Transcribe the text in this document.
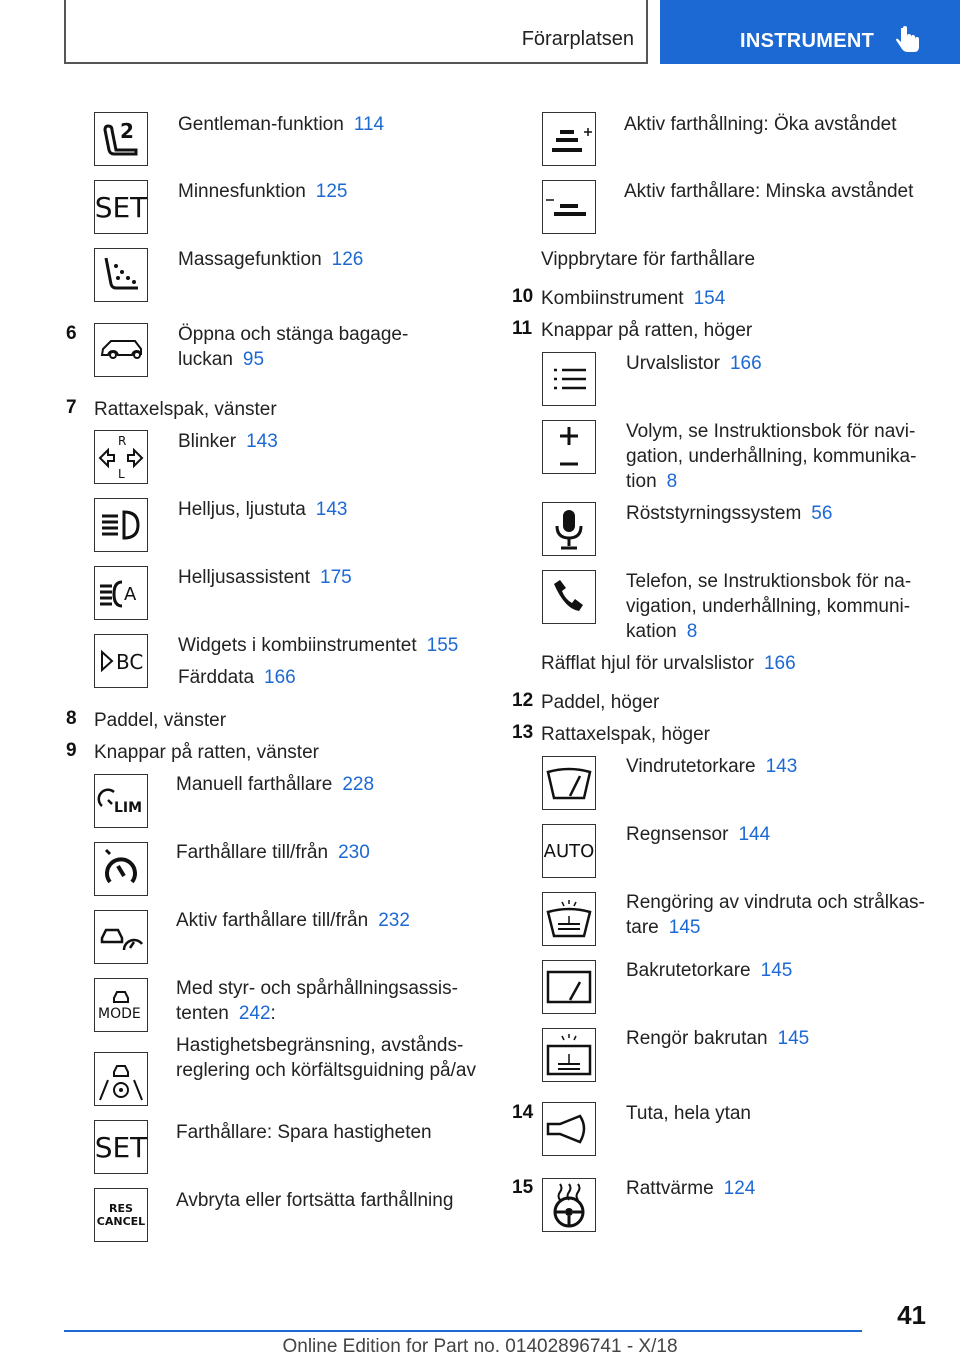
Förarplatsen	INSTRUMENT
2 Gentleman-funktion 114
SET Minnesfunktion 125
Massagefunktion 126
6	Öppna och stänga bagage-
luckan 95
7 Rattaxelspak, vänster
R
L
Blinker 143
Helljus, ljustuta 143
A
Helljusassistent 175
BC
Widgets i kombiinstrumentet 155
Färddata 166
8 Paddel, vänster
9 Knappar på ratten, vänster
LIM
Manuell farthållare 228
Farthållare till/från 230
Aktiv farthållare till/från 232
MODE
Med styr- och spårhållningsassis-
tenten 242:
Hastighetsbegränsning, avstånds-
reglering och körfältsguidning på/av
SET Farthållare: Spara hastigheten
RES
CANCEL
Avbryta eller fortsätta farthållning
Aktiv farthållning: Öka avståndet
Aktiv farthållare: Minska avståndet
Vippbrytare för farthållare
10 Kombiinstrument 154
11 Knappar på ratten, höger
Urvalslistor 166
Volym, se Instruktionsbok för navi-
gation, underhållning, kommunika-
tion 8
Röststyrningssystem 56
Telefon, se Instruktionsbok för na-
vigation, underhållning, kommuni-
kation 8
Räfflat hjul för urvalslistor 166
12 Paddel, höger
13 Rattaxelspak, höger
Vindrutetorkare 143
AUTO
Regnsensor 144
Rengöring av vindruta och strålkas-
tare 145
Bakrutetorkare 145
Rengör bakrutan 145
14	Tuta, hela ytan
15	Rattvärme 124
41
Online Edition for Part no. 01402896741 - X/18
